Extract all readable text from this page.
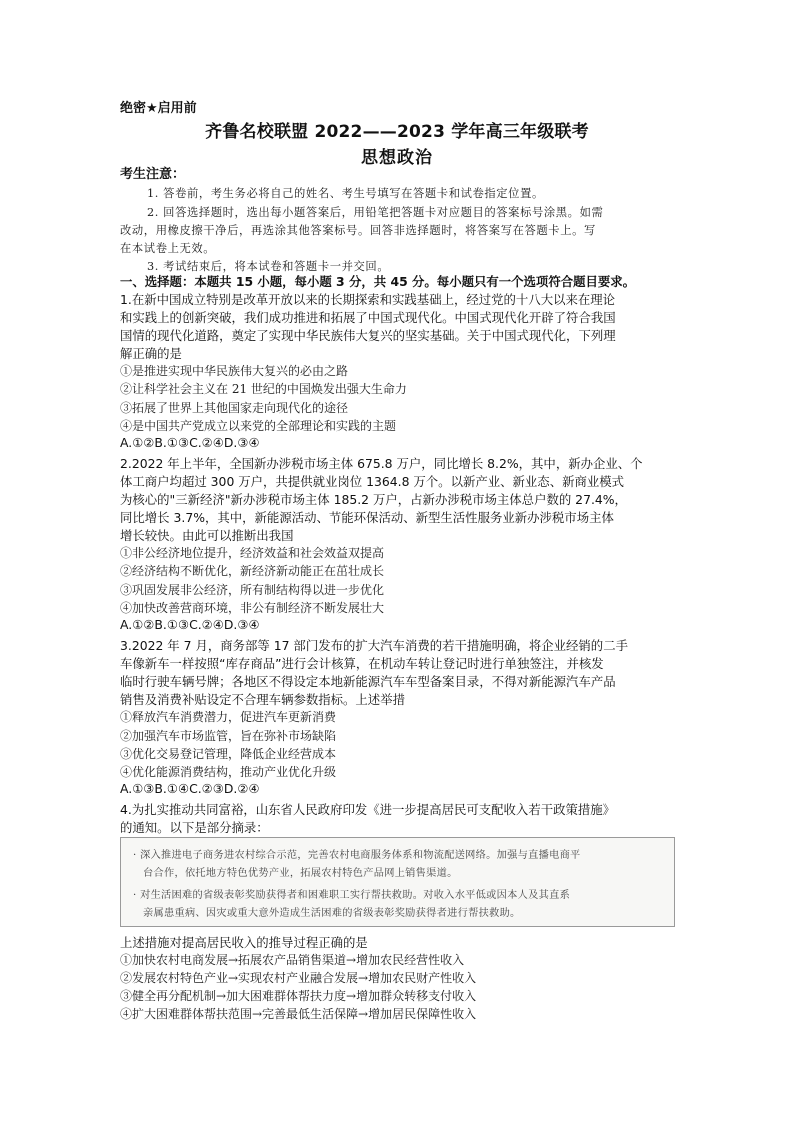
绝密★启用前
齐鲁名校联盟 2022——2023 学年高三年级联考
思想政治
考生注意：
1. 答卷前，考生务必将自己的姓名、考生号填写在答题卡和试卷指定位置。
2. 回答选择题时，选出每小题答案后，用铅笔把答题卡对应题目的答案标号涂黑。如需
改动，用橡皮擦干净后，再选涂其他答案标号。回答非选择题时，将答案写在答题卡上。写
在本试卷上无效。
3. 考试结束后，将本试卷和答题卡一并交回。
一、选择题：本题共 15 小题，每小题 3 分，共 45 分。每小题只有一个选项符合题目要求。
1.在新中国成立特别是改革开放以来的长期探索和实践基础上，经过党的十八大以来在理论
和实践上的创新突破，我们成功推进和拓展了中国式现代化。中国式现代化开辟了符合我国
国情的现代化道路，奠定了实现中华民族伟大复兴的坚实基础。关于中国式现代化，下列理
解正确的是
①是推进实现中华民族伟大复兴的必由之路
②让科学社会主义在 21 世纪的中国焕发出强大生命力
③拓展了世界上其他国家走向现代化的途径
④是中国共产党成立以来党的全部理论和实践的主题
A.①②B.①③C.②④D.③④
2.2022 年上半年，全国新办涉税市场主体 675.8 万户，同比增长 8.2%，其中，新办企业、个
体工商户均超过 300 万户，共提供就业岗位 1364.8 万个。以新产业、新业态、新商业模式
为核心的"三新经济"新办涉税市场主体 185.2 万户，占新办涉税市场主体总户数的 27.4%，
同比增长 3.7%，其中，新能源活动、节能环保活动、新型生活性服务业新办涉税市场主体
增长较快。由此可以推断出我国
①非公经济地位提升，经济效益和社会效益双提高
②经济结构不断优化，新经济新动能正在茁壮成长
③巩固发展非公经济，所有制结构得以进一步优化
④加快改善营商环境，非公有制经济不断发展壮大
A.①②B.①③C.②④D.③④
3.2022 年 7 月，商务部等 17 部门发布的扩大汽车消费的若干措施明确，将企业经销的二手
车像新车一样按照“库存商品”进行会计核算，在机动车转让登记时进行单独签注，并核发
临时行驶车辆号牌；各地区不得设定本地新能源汽车车型备案目录，不得对新能源汽车产品
销售及消费补贴设定不合理车辆参数指标。上述举措
①释放汽车消费潜力，促进汽车更新消费
②加强汽车市场监管，旨在弥补市场缺陷
③优化交易登记管理，降低企业经营成本
④优化能源消费结构，推动产业优化升级
A.①③B.①④C.②③D.②④
4.为扎实推动共同富裕，山东省人民政府印发《进一步提高居民可支配收入若干政策措施》
的通知。以下是部分摘录：
· 深入推进电子商务进农村综合示范，完善农村电商服务体系和物流配送网络。加强与直播电商平
台合作，依托地方特色优势产业，拓展农村特色产品网上销售渠道。
· 对生活困难的省级表彰奖励获得者和困难职工实行帮扶救助。对收入水平低或因本人及其直系
亲属患重病、因灾或重大意外造成生活困难的省级表彰奖励获得者进行帮扶救助。
上述措施对提高居民收入的推导过程正确的是
①加快农村电商发展→拓展农产品销售渠道→增加农民经营性收入
②发展农村特色产业→实现农村产业融合发展→增加农民财产性收入
③健全再分配机制→加大困难群体帮扶力度→增加群众转移支付收入
④扩大困难群体帮扶范围→完善最低生活保障→增加居民保障性收入
